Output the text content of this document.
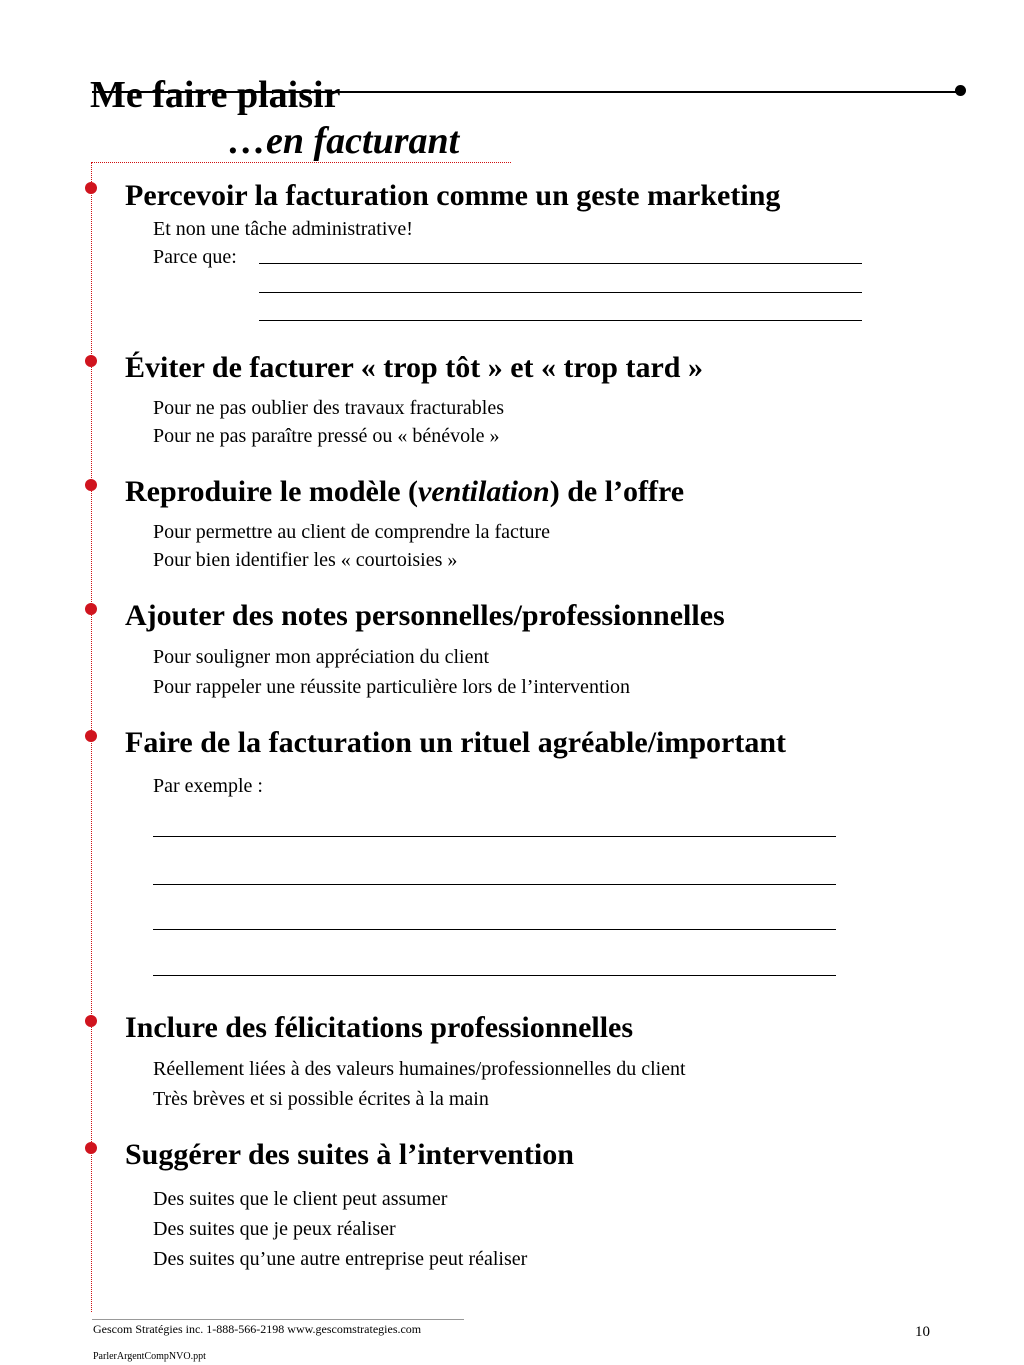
Me faire plaisir
…en facturant
Percevoir la facturation comme un geste marketing
Et non une tâche administrative!
Parce que:
Éviter de facturer « trop tôt » et « trop tard »
Pour ne pas oublier des travaux fracturables
Pour ne pas paraître pressé ou « bénévole »
Reproduire le modèle (ventilation) de l’offre
Pour permettre au client de comprendre la facture
Pour bien identifier les « courtoisies »
Ajouter des notes personnelles/professionnelles
Pour souligner mon appréciation du client
Pour rappeler une réussite particulière lors de l’intervention
Faire de la facturation un rituel agréable/important
Par exemple :
Inclure des félicitations professionnelles
Réellement liées à des valeurs humaines/professionnelles du client
Très brèves et si possible écrites à la main
Suggérer des suites à l’intervention
Des suites que le client peut assumer
Des suites que je peux réaliser
Des suites qu’une autre entreprise peut réaliser
Gescom Stratégies inc. 1-888-566-2198 www.gescomstrategies.com	10
ParlerArgentCompNVO.ppt
